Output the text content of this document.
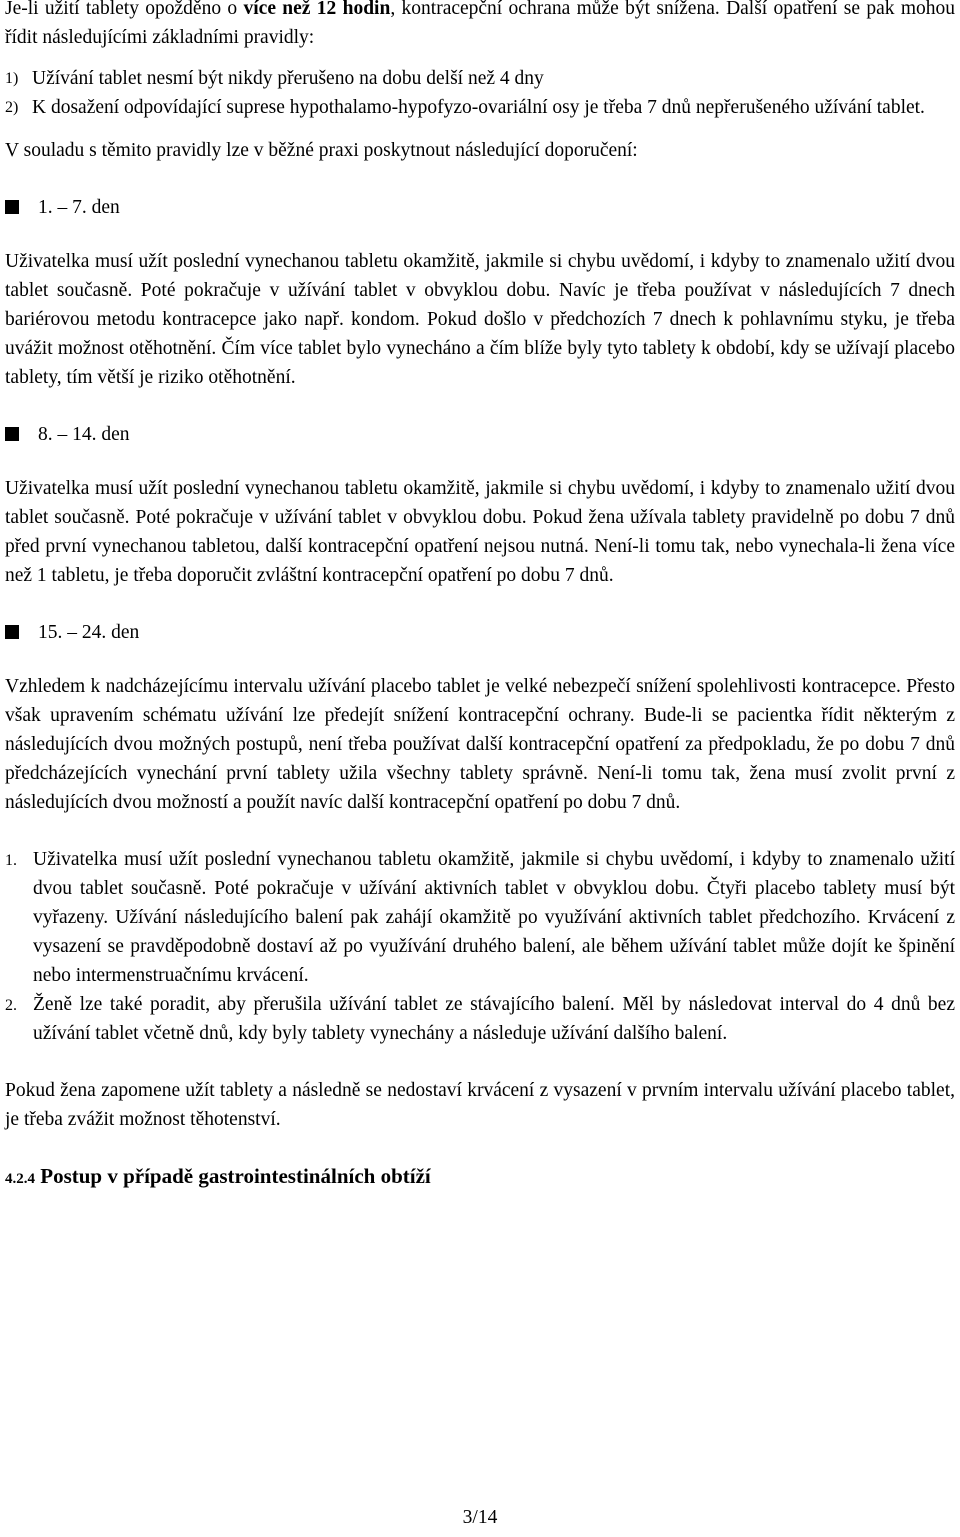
Je-li užití tablety opožděno o více než 12 hodin, kontracepční ochrana může být snížena. Další opatření se pak mohou řídit následujícími základními pravidly:

1) Užívání tablet nesmí být nikdy přerušeno na dobu delší než 4 dny
2) K dosažení odpovídající suprese hypothalamo-hypofyzo-ovariální osy je třeba 7 dnů nepřerušeného užívání tablet.

V souladu s těmito pravidly lze v běžné praxi poskytnout následující doporučení:

1. – 7. den

Uživatelka musí užít poslední vynechanou tabletu okamžitě, jakmile si chybu uvědomí, i kdyby to znamenalo užití dvou tablet současně. Poté pokračuje v užívání tablet v obvyklou dobu. Navíc je třeba používat v následujících 7 dnech bariérovou metodu kontracepce jako např. kondom. Pokud došlo v předchozích 7 dnech k pohlavnímu styku, je třeba uvážit možnost otěhotnění. Čím více tablet bylo vynecháno a čím blíže byly tyto tablety k období, kdy se užívají placebo tablety, tím větší je riziko otěhotnění.

8. – 14. den

Uživatelka musí užít poslední vynechanou tabletu okamžitě, jakmile si chybu uvědomí, i kdyby to znamenalo užití dvou tablet současně. Poté pokračuje v užívání tablet v obvyklou dobu. Pokud žena užívala tablety pravidelně po dobu 7 dnů před první vynechanou tabletou, další kontracepční opatření nejsou nutná. Není-li tomu tak, nebo vynechala-li žena více než 1 tabletu, je třeba doporučit zvláštní kontracepční opatření po dobu 7 dnů.

15. – 24. den

Vzhledem k nadcházejícímu intervalu užívání placebo tablet je velké nebezpečí snížení spolehlivosti kontracepce. Přesto však upravením schématu užívání lze předejít snížení kontracepční ochrany. Bude-li se pacientka řídit některým z následujících dvou možných postupů, není třeba používat další kontracepční opatření za předpokladu, že po dobu 7 dnů předcházejících vynechání první tablety užila všechny tablety správně. Není-li tomu tak, žena musí zvolit první z následujících dvou možností a použít navíc další kontracepční opatření po dobu 7 dnů.

1. Uživatelka musí užít poslední vynechanou tabletu okamžitě, jakmile si chybu uvědomí, i kdyby to znamenalo užití dvou tablet současně. Poté pokračuje v užívání aktivních tablet v obvyklou dobu. Čtyři placebo tablety musí být vyřazeny. Užívání následujícího balení pak zahájí okamžitě po využívání aktivních tablet předchozího. Krvácení z vysazení se pravděpodobně dostaví až po využívání druhého balení, ale během užívání tablet může dojít ke špinění nebo intermenstruačnímu krvácení.
2. Ženě lze také poradit, aby přerušila užívání tablet ze stávajícího balení. Měl by následovat interval do 4 dnů bez užívání tablet včetně dnů, kdy byly tablety vynechány a následuje užívání dalšího balení.

Pokud žena zapomene užít tablety a následně se nedostaví krvácení z vysazení v prvním intervalu užívání placebo tablet, je třeba zvážit možnost těhotenství.

4.2.4 Postup v případě gastrointestinálních obtíží
3/14
